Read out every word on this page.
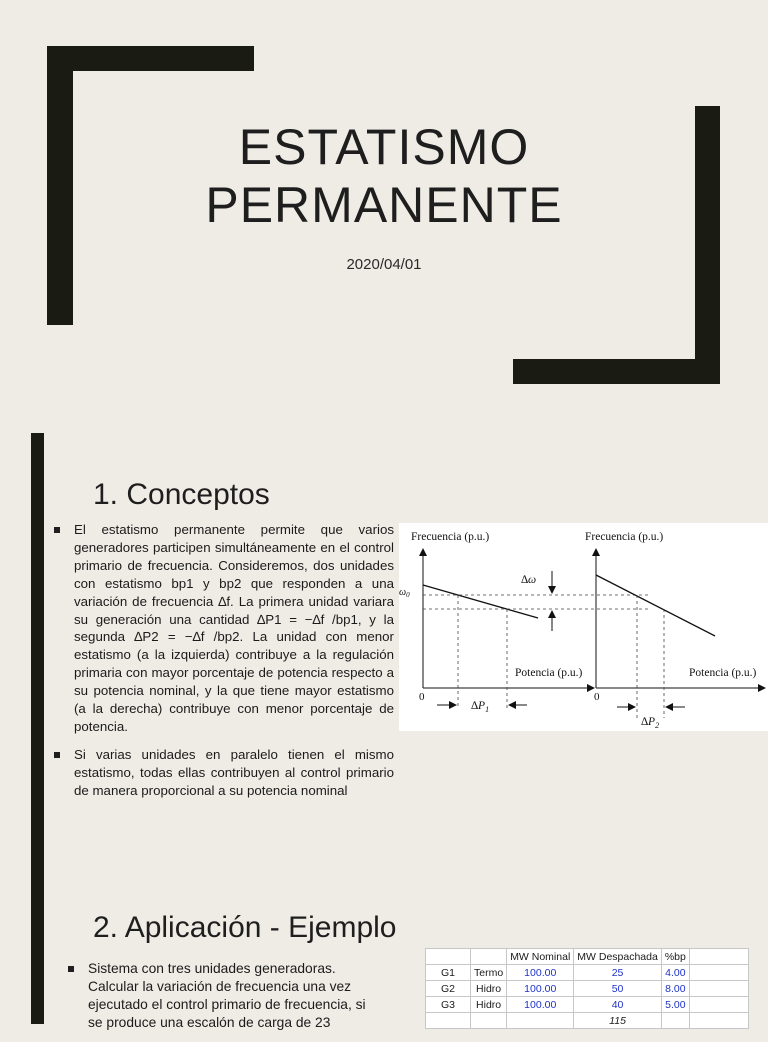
ESTATISMO
PERMANENTE
2020/04/01
1. Conceptos
El estatismo permanente permite que varios generadores participen simultáneamente en el control primario de frecuencia. Consideremos, dos unidades con estatismo bp1 y bp2 que responden a una variación de frecuencia ∆f. La primera unidad variara su generación una cantidad ∆P1 = −∆f /bp1, y la segunda ∆P2 = −∆f /bp2. La unidad con menor estatismo (a la izquierda) contribuye a la regulación primaria con mayor porcentaje de potencia respecto a su potencia nominal, y la que tiene mayor estatismo (a la derecha) contribuye con menor porcentaje de potencia.
Si varias unidades en paralelo tienen el mismo estatismo, todas ellas contribuyen al control primario de manera proporcional a su potencia nominal
Frecuencia (p.u.)
Potencia (p.u.)
0
$\omega_0$
$\Delta P_1$
∆ω
Frecuencia (p.u.)
Potencia (p.u.)
0
$\Delta P_2$
2. Aplicación - Ejemplo
Sistema con tres unidades generadoras. Calcular la variación de frecuencia una vez ejecutado el control primario de frecuencia, si se produce una escalón de carga de 23
		MW Nominal	MW Despachada	%bp	
G1	Termo	100.00	25	4.00	
G2	Hidro	100.00	50	8.00	
G3	Hidro	100.00	40	5.00	
			115		
